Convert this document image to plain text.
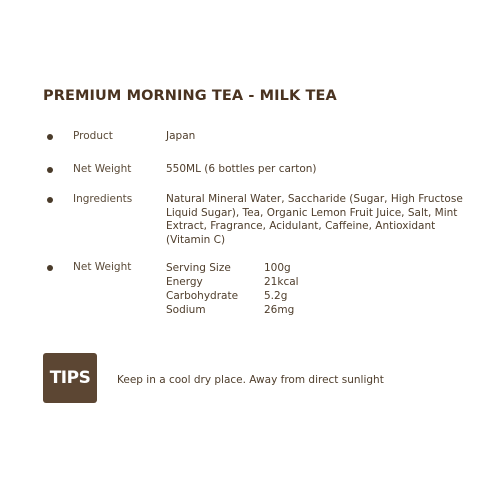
PREMIUM MORNING TEA - MILK TEA
Product	Japan
Net Weight	550ML (6 bottles per carton)
Ingredients	Natural Mineral Water, Saccharide (Sugar, High Fructose Liquid Sugar), Tea, Organic Lemon Fruit Juice, Salt, Mint Extract, Fragrance, Acidulant, Caffeine, Antioxidant (Vitamin C)
Net Weight	Serving Size	100g
Energy	21kcal
Carbohydrate	5.2g
Sodium	26mg
TIPS	Keep in a cool dry place. Away from direct sunlight
